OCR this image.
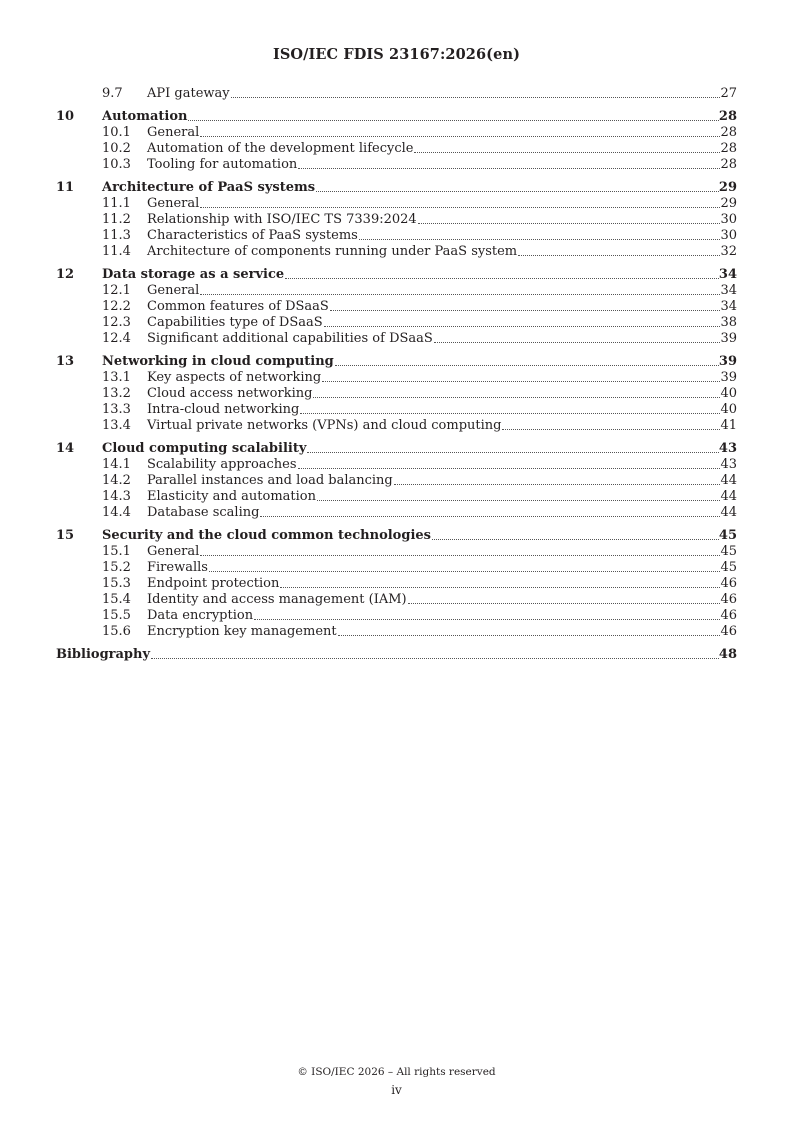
ISO/IEC FDIS 23167:2026(en)
9.7	API gateway	27
10	Automation	28
10.1	General	28
10.2	Automation of the development lifecycle	28
10.3	Tooling for automation	28
11	Architecture of PaaS systems	29
11.1	General	29
11.2	Relationship with ISO/IEC TS 7339:2024	30
11.3	Characteristics of PaaS systems	30
11.4	Architecture of components running under PaaS system	32
12	Data storage as a service	34
12.1	General	34
12.2	Common features of DSaaS	34
12.3	Capabilities type of DSaaS	38
12.4	Significant additional capabilities of DSaaS	39
13	Networking in cloud computing	39
13.1	Key aspects of networking	39
13.2	Cloud access networking	40
13.3	Intra-cloud networking	40
13.4	Virtual private networks (VPNs) and cloud computing	41
14	Cloud computing scalability	43
14.1	Scalability approaches	43
14.2	Parallel instances and load balancing	44
14.3	Elasticity and automation	44
14.4	Database scaling	44
15	Security and the cloud common technologies	45
15.1	General	45
15.2	Firewalls	45
15.3	Endpoint protection	46
15.4	Identity and access management (IAM)	46
15.5	Data encryption	46
15.6	Encryption key management	46
Bibliography	48
© ISO/IEC 2026 – All rights reserved
iv
